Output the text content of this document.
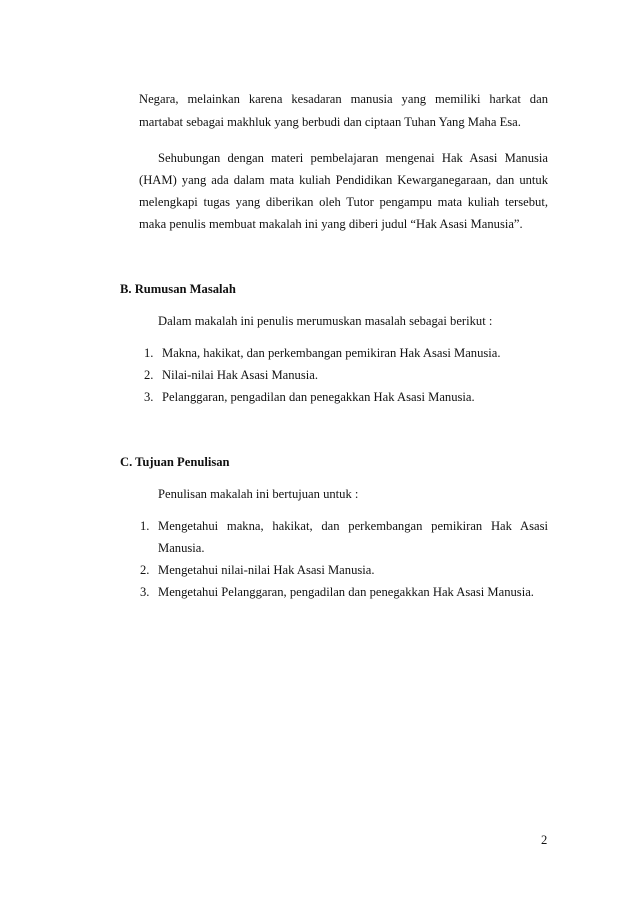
Negara, melainkan karena kesadaran manusia yang memiliki harkat dan
martabat sebagai makhluk yang berbudi dan ciptaan Tuhan Yang Maha Esa.
Sehubungan dengan materi pembelajaran mengenai Hak Asasi Manusia
(HAM) yang ada dalam mata kuliah Pendidikan Kewarganegaraan, dan untuk
melengkapi tugas yang diberikan oleh Tutor pengampu mata kuliah tersebut,
maka penulis membuat makalah ini yang diberi judul “Hak Asasi Manusia”.
B. Rumusan Masalah
Dalam makalah ini penulis merumuskan masalah sebagai berikut :
1. Makna, hakikat, dan perkembangan pemikiran Hak Asasi Manusia.
2. Nilai-nilai Hak Asasi Manusia.
3. Pelanggaran, pengadilan dan penegakkan Hak Asasi Manusia.
C. Tujuan Penulisan
Penulisan makalah ini bertujuan untuk :
1. Mengetahui makna, hakikat, dan perkembangan pemikiran Hak Asasi
Manusia.
2. Mengetahui nilai-nilai Hak Asasi Manusia.
3. Mengetahui Pelanggaran, pengadilan dan penegakkan Hak Asasi Manusia.
2
